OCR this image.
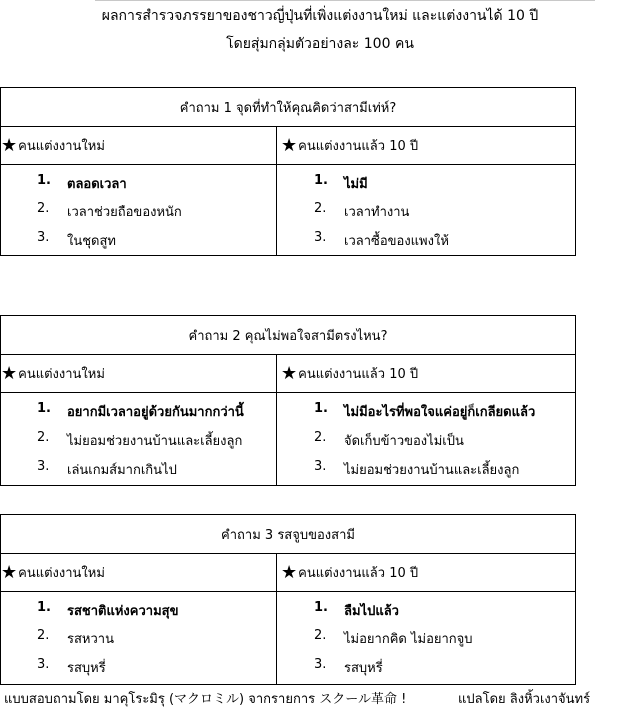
ผลการสำรวจภรรยาของชาวญี่ปุ่นที่เพิ่งแต่งงานใหม่ และแต่งงานได้ 10 ปี
โดยสุ่มกลุ่มตัวอย่างละ 100 คน
คำถาม 1 จุดที่ทำให้คุณคิดว่าสามีเท่ห์?
★ คนแต่งงานใหม่	★ คนแต่งงานแล้ว 10 ปี
1. ตลอดเวลา
2. เวลาช่วยถือของหนัก
3. ในชุดสูท
1. ไม่มี
2. เวลาทำงาน
3. เวลาซื้อของแพงให้
คำถาม 2 คุณไม่พอใจสามีตรงไหน?
★ คนแต่งงานใหม่	★ คนแต่งงานแล้ว 10 ปี
1. อยากมีเวลาอยู่ด้วยกันมากกว่านี้
2. ไม่ยอมช่วยงานบ้านและเลี้ยงลูก
3. เล่นเกมส์มากเกินไป
1. ไม่มีอะไรที่พอใจแค่อยู่ก็เกลียดแล้ว
2. จัดเก็บข้าวของไม่เป็น
3. ไม่ยอมช่วยงานบ้านและเลี้ยงลูก
คำถาม 3 รสจูบของสามี
★ คนแต่งงานใหม่	★ คนแต่งงานแล้ว 10 ปี
1. รสชาติแห่งความสุข
2. รสหวาน
3. รสบุหรี่
1. ลืมไปแล้ว
2. ไม่อยากคิด ไม่อยากจูบ
3. รสบุหรี่
แบบสอบถามโดย มาคุโระมิรุ (マクロミル) จากรายการ スクール革命 !	แปลโดย ลิงหิ้วเงาจันทร์
